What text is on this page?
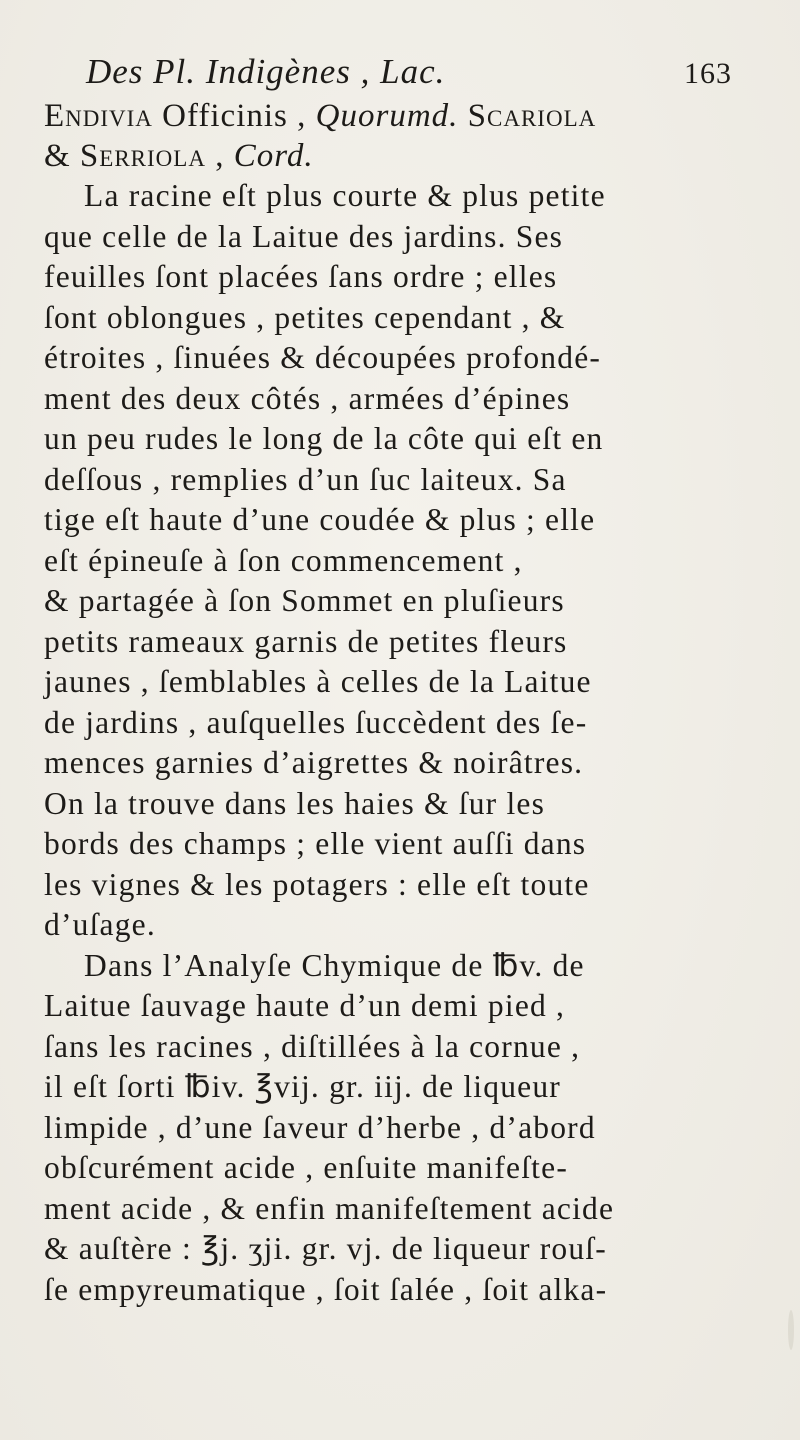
Des Pl. Indigènes , Lac.	163
Endivia Officinis , Quorumd. Scariola
& Serriola , Cord.
La racine eſt plus courte & plus petite
que celle de la Laitue des jardins. Ses
feuilles ſont placées ſans ordre ; elles
ſont oblongues , petites cependant , &
étroites , ſinuées & découpées profondé-
ment des deux côtés , armées d’épines
un peu rudes le long de la côte qui eſt en
deſſous , remplies d’un ſuc laiteux. Sa
tige eſt haute d’une coudée & plus ; elle
eſt épineuſe à ſon commencement ,
& partagée à ſon Sommet en pluſieurs
petits rameaux garnis de petites fleurs
jaunes , ſemblables à celles de la Laitue
de jardins , auſquelles ſuccèdent des ſe-
mences garnies d’aigrettes & noirâtres.
On la trouve dans les haies & ſur les
bords des champs ; elle vient auſſi dans
les vignes & les potagers : elle eſt toute
d’uſage.
Dans l’Analyſe Chymique de ℔v. de
Laitue ſauvage haute d’un demi pied ,
ſans les racines , diſtillées à la cornue ,
il eſt ſorti ℔iv. ℥vij. gr. iij. de liqueur
limpide , d’une ſaveur d’herbe , d’abord
obſcurément acide , enſuite manifeſte-
ment acide , & enfin manifeſtement acide
& auſtère : ℥j. ʒji. gr. vj. de liqueur rouſ-
ſe empyreumatique , ſoit ſalée , ſoit alka-
